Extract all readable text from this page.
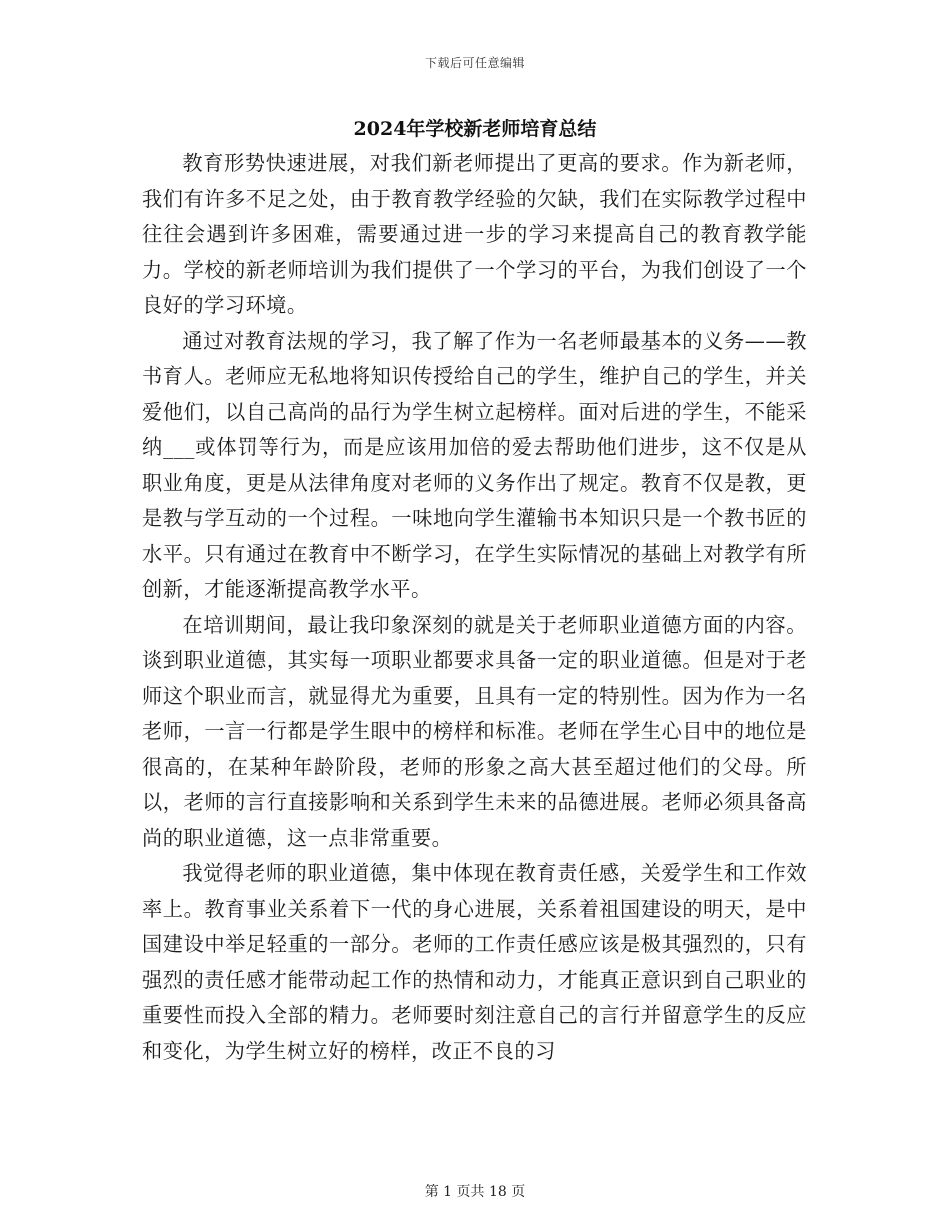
下载后可任意编辑
2024年学校新老师培育总结

教育形势快速进展，对我们新老师提出了更高的要求。作为新老师，我们有许多不足之处，由于教育教学经验的欠缺，我们在实际教学过程中往往会遇到许多困难，需要通过进一步的学习来提高自己的教育教学能力。学校的新老师培训为我们提供了一个学习的平台，为我们创设了一个良好的学习环境。

通过对教育法规的学习，我了解了作为一名老师最基本的义务——教书育人。老师应无私地将知识传授给自己的学生，维护自己的学生，并关爱他们，以自己高尚的品行为学生树立起榜样。面对后进的学生，不能采纳___或体罚等行为，而是应该用加倍的爱去帮助他们进步，这不仅是从职业角度，更是从法律角度对老师的义务作出了规定。教育不仅是教，更是教与学互动的一个过程。一味地向学生灌输书本知识只是一个教书匠的水平。只有通过在教育中不断学习，在学生实际情况的基础上对教学有所创新，才能逐渐提高教学水平。

在培训期间，最让我印象深刻的就是关于老师职业道德方面的内容。谈到职业道德，其实每一项职业都要求具备一定的职业道德。但是对于老师这个职业而言，就显得尤为重要，且具有一定的特别性。因为作为一名老师，一言一行都是学生眼中的榜样和标准。老师在学生心目中的地位是很高的，在某种年龄阶段，老师的形象之高大甚至超过他们的父母。所以，老师的言行直接影响和关系到学生未来的品德进展。老师必须具备高尚的职业道德，这一点非常重要。

我觉得老师的职业道德，集中体现在教育责任感，关爱学生和工作效率上。教育事业关系着下一代的身心进展，关系着祖国建设的明天，是中国建设中举足轻重的一部分。老师的工作责任感应该是极其强烈的，只有强烈的责任感才能带动起工作的热情和动力，才能真正意识到自己职业的重要性而投入全部的精力。老师要时刻注意自己的言行并留意学生的反应和变化，为学生树立好的榜样，改正不良的习

第 1 页共 18 页
